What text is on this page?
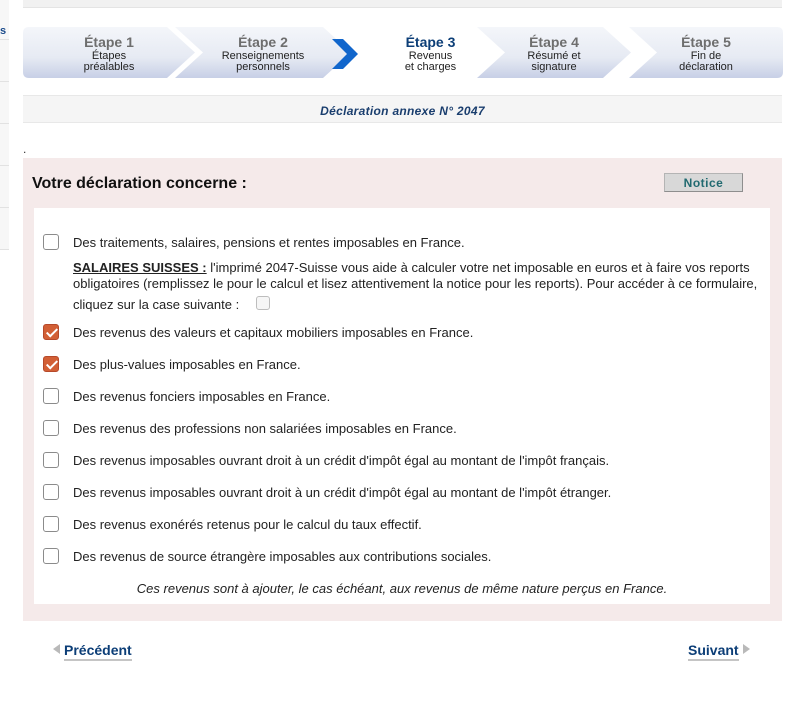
s
Étape 1
Étapes
préalables
Étape 2
Renseignements
personnels
Étape 3
Revenus
et charges
Étape 4
Résumé et
signature
Étape 5
Fin de
déclaration
Déclaration annexe N° 2047
.
Votre déclaration concerne :	Notice
Des traitements, salaires, pensions et rentes imposables en France.
SALAIRES SUISSES : l'imprimé 2047-Suisse vous aide à calculer votre net imposable en euros et à faire vos reports obligatoires (remplissez le pour le calcul et lisez attentivement la notice pour les reports). Pour accéder à ce formulaire,
cliquez sur la case suivante :
Des revenus des valeurs et capitaux mobiliers imposables en France.
Des plus-values imposables en France.
Des revenus fonciers imposables en France.
Des revenus des professions non salariées imposables en France.
Des revenus imposables ouvrant droit à un crédit d'impôt égal au montant de l'impôt français.
Des revenus imposables ouvrant droit à un crédit d'impôt égal au montant de l'impôt étranger.
Des revenus exonérés retenus pour le calcul du taux effectif.
Des revenus de source étrangère imposables aux contributions sociales.
Ces revenus sont à ajouter, le cas échéant, aux revenus de même nature perçus en France.
Précédent	Suivant
